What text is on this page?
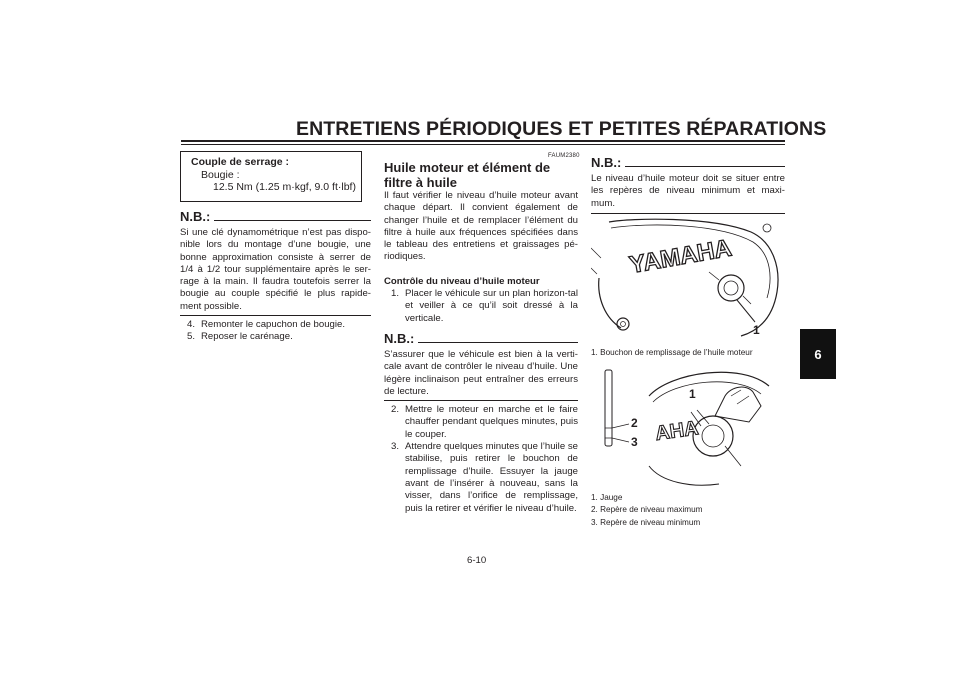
ENTRETIENS PÉRIODIQUES ET PETITES RÉPARATIONS
6
Couple de serrage :
Bougie :
12.5 Nm (1.25 m·kgf, 9.0 ft·lbf)
N.B.:
Si une clé dynamométrique n’est pas dispo-nible lors du montage d’une bougie, une bonne approximation consiste à serrer de 1/4 à 1/2 tour supplémentaire après le ser-rage à la main. Il faudra toutefois serrer la bougie au couple spécifié le plus rapide-ment possible.
4. Remonter le capuchon de bougie.
5. Reposer le carénage.
FAUM2380
Huile moteur et élément de filtre à huile
Il faut vérifier le niveau d’huile moteur avant chaque départ. Il convient également de changer l’huile et de remplacer l’élément du filtre à huile aux fréquences spécifiées dans le tableau des entretiens et graissages pé-riodiques.
Contrôle du niveau d’huile moteur
1. Placer le véhicule sur un plan horizon-tal et veiller à ce qu’il soit dressé à la verticale.
N.B.:
S’assurer que le véhicule est bien à la verti-cale avant de contrôler le niveau d’huile. Une légère inclinaison peut entraîner des erreurs de lecture.
2. Mettre le moteur en marche et le faire chauffer pendant quelques minutes, puis le couper.
3. Attendre quelques minutes que l’huile se stabilise, puis retirer le bouchon de remplissage d’huile. Essuyer la jauge avant de l’insérer à nouveau, sans la visser, dans l’orifice de remplissage, puis la retirer et vérifier le niveau d’huile.
N.B.:
Le niveau d’huile moteur doit se situer entre les repères de niveau minimum et maxi-mum.
YAMAHA
1
1. Bouchon de remplissage de l’huile moteur
AHA
1
2
3
1. Jauge
2. Repère de niveau maximum
3. Repère de niveau minimum
6-10
